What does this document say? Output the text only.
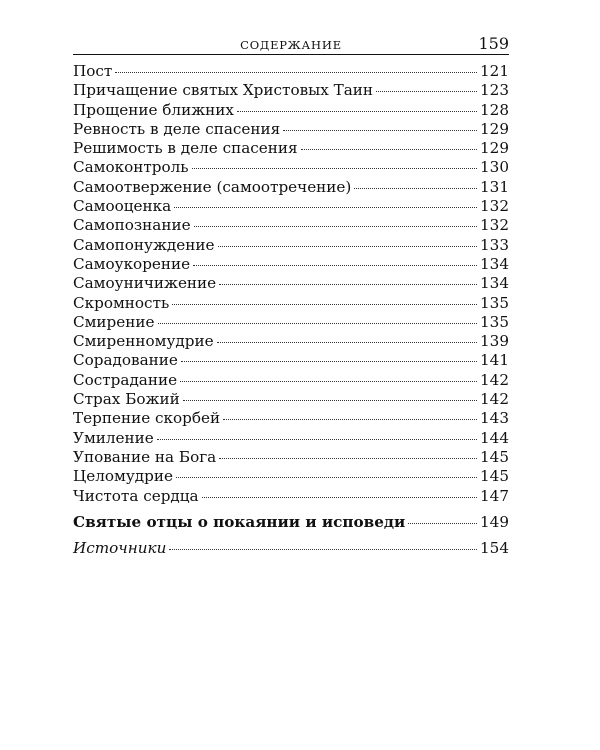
СОДЕРЖАНИЕ	159
Пост	121
Причащение святых Христовых Таин	123
Прощение ближних	128
Ревность в деле спасения	129
Решимость в деле спасения	129
Самоконтроль	130
Самоотвержение (самоотречение)	131
Самооценка	132
Самопознание	132
Самопонуждение	133
Самоукорение	134
Самоуничижение	134
Скромность	135
Смирение	135
Смиренномудрие	139
Сорадование	141
Сострадание	142
Страх Божий	142
Терпение скорбей	143
Умиление	144
Упование на Бога	145
Целомудрие	145
Чистота сердца	147
Святые отцы о покаянии и исповеди	149
Источники	154
